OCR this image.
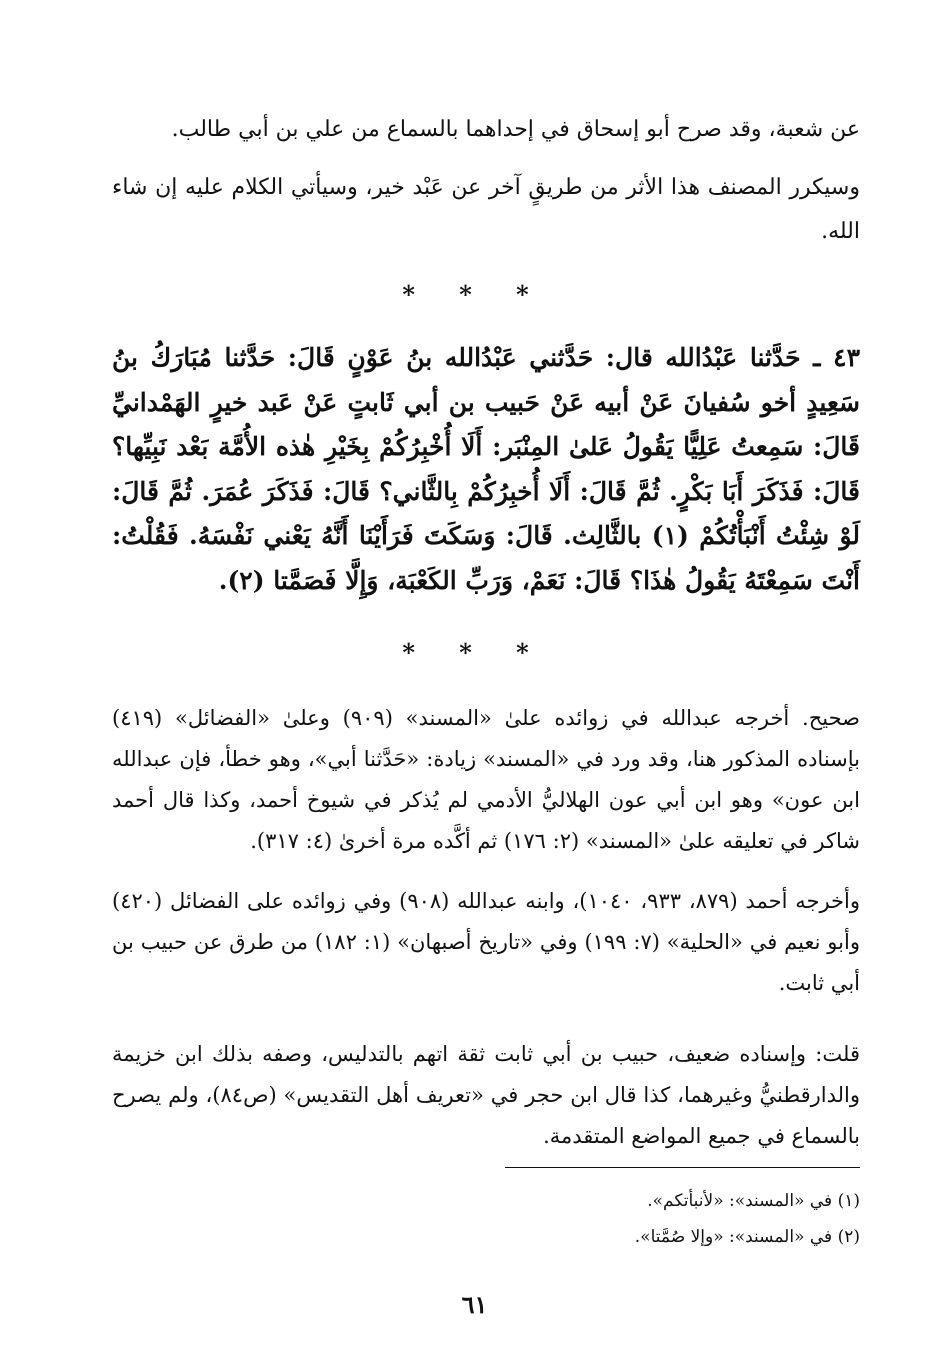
عن شعبة، وقد صرح أبو إسحاق في إحداهما بالسماع من علي بن أبي طالب.
وسيكرر المصنف هذا الأثر من طريقٍ آخر عن عَبْد خير، وسيأتي الكلام عليه إن شاء الله.
* * *
٤٣ ـ حَدَّثنا عَبْدُالله قال: حَدَّثني عَبْدُالله بنُ عَوْنٍ قَالَ: حَدَّثنا مُبَارَكُ بنُ سَعِيدٍ أخو سُفيانَ عَنْ أبيه عَنْ حَبيب بن أبي ثَابتٍ عَنْ عَبد خيرٍ الهَمْدانيِّ قَالَ: سَمِعتُ عَلِيًّا يَقُولُ عَلىٰ المِنْبَر: أَلَا أُخْبِرُكُمْ بِخَيْرِ هٰذه الأُمَّة بَعْد نَبِيِّها؟ قَالَ: فَذَكَرَ أَبَا بَكْرٍ. ثُمَّ قَالَ: أَلَا أُخبِرُكُمْ بِالثَّاني؟ قَالَ: فَذَكَرَ عُمَرَ. ثُمَّ قَالَ: لَوْ شِئْتُ أَنْبَأْتُكُمْ (١) بالثَّالِث. قَالَ: وَسَكَتَ فَرَأَيْنَا أَنَّهُ يَعْني نَفْسَهُ. فَقُلْتُ: أَنْتَ سَمِعْتَهُ يَقُولُ هٰذَا؟ قَالَ: نَعَمْ، وَرَبِّ الكَعْبَة، وَإِلَّا فَصَمَّتا (٢).
* * *
صحيح. أخرجه عبدالله في زوائده علىٰ «المسند» (٩٠٩) وعلىٰ «الفضائل» (٤١٩) بإسناده المذكور هنا، وقد ورد في «المسند» زيادة: «حَدَّثنا أبي»، وهو خطأ، فإن عبدالله ابن عون» وهو ابن أبي عون الهلاليُّ الأدمي لم يُذكر في شيوخ أحمد، وكذا قال أحمد شاكر في تعليقه علىٰ «المسند» (٢: ١٧٦) ثم أكَّده مرة أخرىٰ (٤: ٣١٧).
وأخرجه أحمد (٨٧٩، ٩٣٣، ١٠٤٠)، وابنه عبدالله (٩٠٨) وفي زوائده على الفضائل (٤٢٠) وأبو نعيم في «الحلية» (٧: ١٩٩) وفي «تاريخ أصبهان» (١: ١٨٢) من طرق عن حبيب بن أبي ثابت.
قلت: وإسناده ضعيف، حبيب بن أبي ثابت ثقة اتهم بالتدليس، وصفه بذلك ابن خزيمة والدارقطنيُّ وغيرهما، كذا قال ابن حجر في «تعريف أهل التقديس» (ص٨٤)، ولم يصرح بالسماع في جميع المواضع المتقدمة.
(١) في «المسند»: «لأنبأتكم».
(٢) في «المسند»: «وإلا صُمَّتا».
٦١
